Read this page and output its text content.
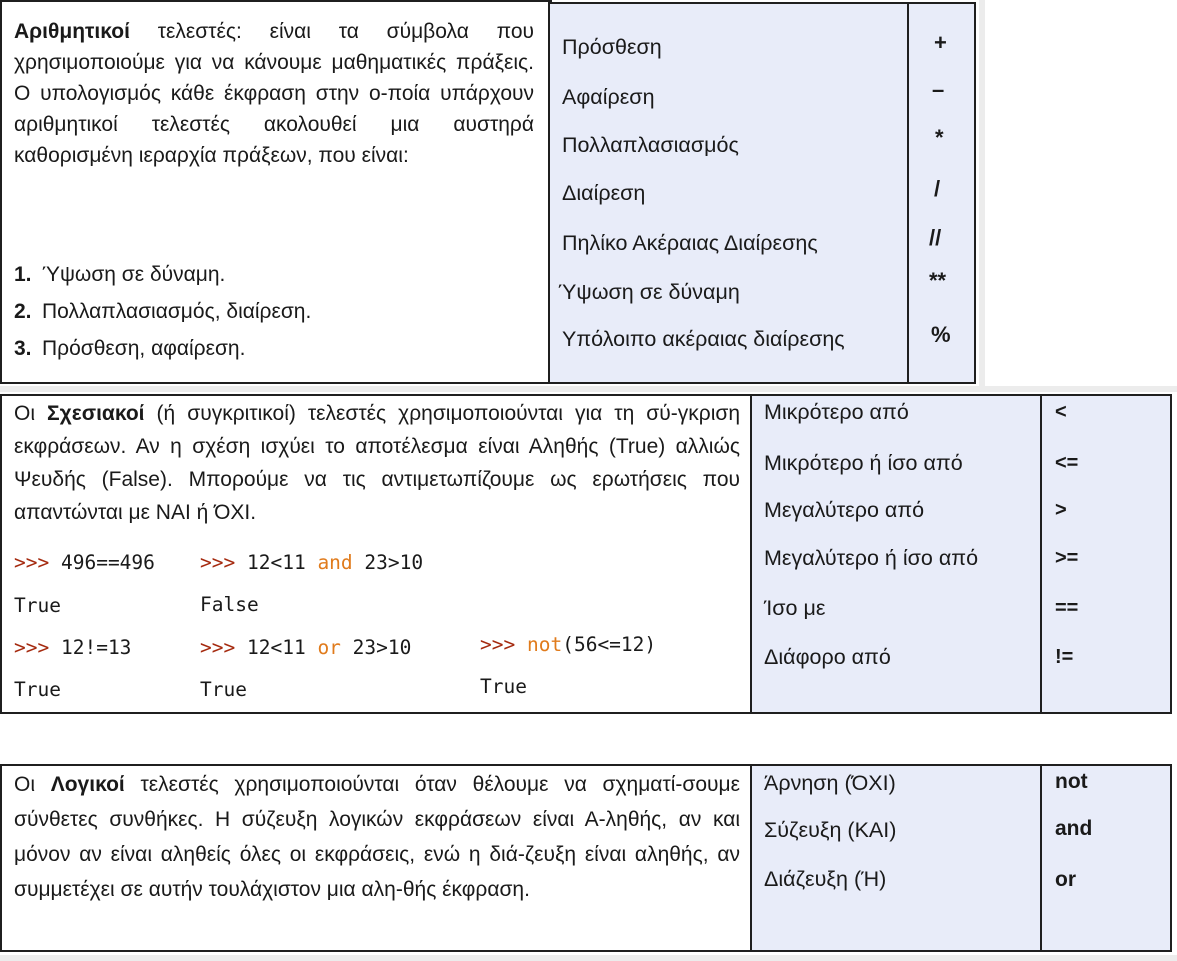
Αριθμητικοί τελεστές: είναι τα σύμβολα που χρησιμοποιούμε για να κάνουμε μαθηματικές πράξεις. Ο υπολογισμός κάθε έκφραση στην ο-ποία υπάρχουν αριθμητικοί τελεστές ακολουθεί μια αυστηρά καθορισμένη ιεραρχία πράξεων, που είναι:
1. Ύψωση σε δύναμη.
2. Πολλαπλασιασμός, διαίρεση.
3. Πρόσθεση, αφαίρεση.
Πρόσθεση	+
Αφαίρεση	–
Πολλαπλασιασμός	*
Διαίρεση	/
Πηλίκο Ακέραιας Διαίρεσης	//
Ύψωση σε δύναμη	**
Υπόλοιπο ακέραιας διαίρεσης	%
Οι Σχεσιακοί (ή συγκριτικοί) τελεστές χρησιμοποιούνται για τη σύ-γκριση εκφράσεων. Αν η σχέση ισχύει το αποτέλεσμα είναι Αληθής (True) αλλιώς Ψευδής (False). Μπορούμε να τις αντιμετωπίζουμε ως ερωτήσεις που απαντώνται με ΝΑΙ ή ΌΧΙ.
>>> 496==496
True
>>> 12<11 and 23>10
False
>>> 12!=13
True
>>> 12<11 or 23>10
True
>>> not(56<=12)
True
Μικρότερο από	<
Μικρότερο ή ίσο από	<=
Μεγαλύτερο από	>
Μεγαλύτερο ή ίσο από	>=
Ίσο με	==
Διάφορο από	!=
Οι Λογικοί τελεστές χρησιμοποιούνται όταν θέλουμε να σχηματί-σουμε σύνθετες συνθήκες. Η σύζευξη λογικών εκφράσεων είναι Α-ληθής, αν και μόνον αν είναι αληθείς όλες οι εκφράσεις, ενώ η διά-ζευξη είναι αληθής, αν συμμετέχει σε αυτήν τουλάχιστον μια αλη-θής έκφραση.
Άρνηση (ΌΧΙ)	not
Σύζευξη (ΚΑΙ)	and
Διάζευξη (Ή)	or
